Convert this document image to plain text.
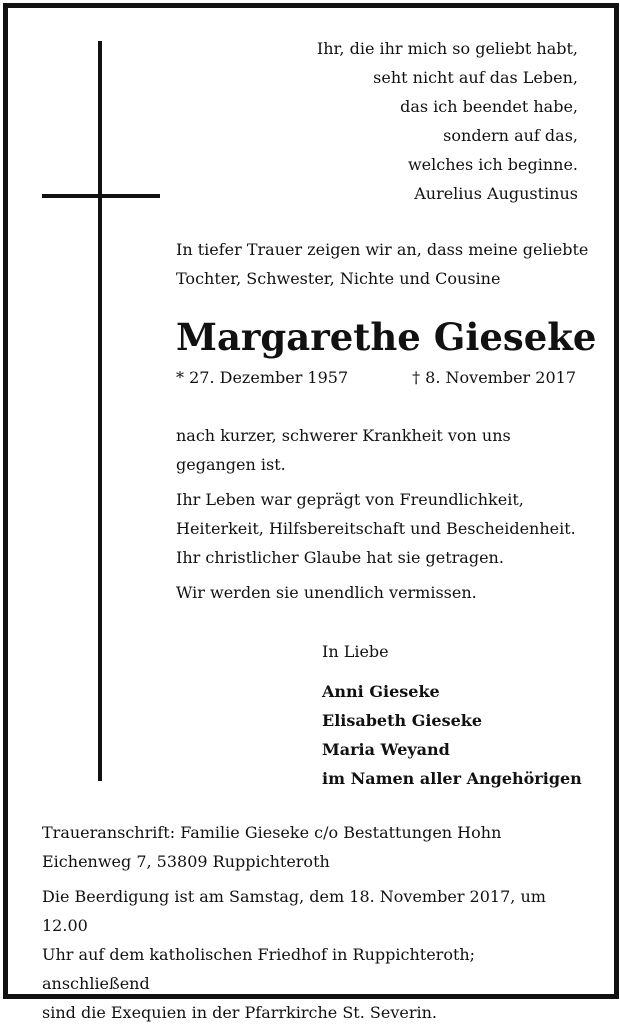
Ihr, die ihr mich so geliebt habt,
seht nicht auf das Leben,
das ich beendet habe,
sondern auf das,
welches ich beginne.
Aurelius Augustinus
In tiefer Trauer zeigen wir an, dass meine geliebte
Tochter, Schwester, Nichte und Cousine
Margarethe Gieseke
* 27. Dezember 1957	† 8. November 2017

nach kurzer, schwerer Krankheit von uns
gegangen ist.

Ihr Leben war geprägt von Freundlichkeit,
Heiterkeit, Hilfsbereitschaft und Bescheidenheit.
Ihr christlicher Glaube hat sie getragen.

Wir werden sie unendlich vermissen.

In Liebe
Anni Gieseke
Elisabeth Gieseke
Maria Weyand
im Namen aller Angehörigen

Traueranschrift: Familie Gieseke c/o Bestattungen Hohn
Eichenweg 7, 53809 Ruppichteroth

Die Beerdigung ist am Samstag, dem 18. November 2017, um 12.00
Uhr auf dem katholischen Friedhof in Ruppichteroth; anschließend
sind die Exequien in der Pfarrkirche St. Severin.
